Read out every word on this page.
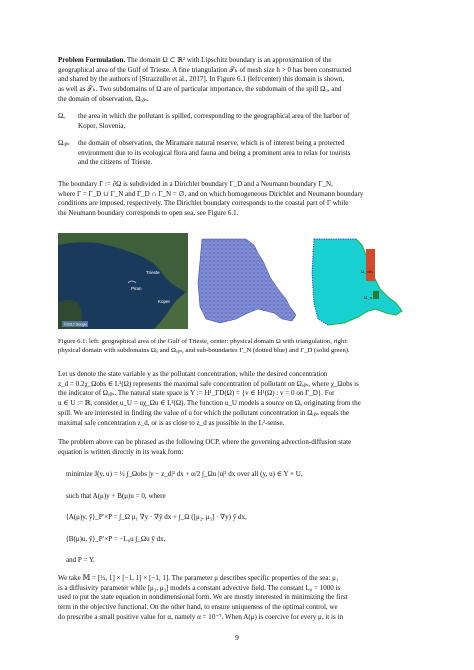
Problem Formulation. The domain Ω ⊂ ℝ² with Lipschitz boundary is an approximation of the
geographical area of the Gulf of Trieste. A fine triangulation 𝒯ₕ of mesh size h > 0 has been constructed
and shared by the authors of [Strazzullo et al., 2017]. In Figure 6.1 (left/center) this domain is shown,
as well as 𝒯ₕ. Two subdomains of Ω are of particular importance, the subdomain of the spill Ωᵤ, and
the domain of observation, Ωₒᵦₛ.
Ωᵤ the area in which the pollutant is spilled, corresponding to the geographical area of the harbor of
Koper, Slovenia,
Ωₒᵦₛ the domain of observation, the Miramare natural reserve, which is of interest being a protected
environment due to its ecological flora and fauna and being a prominent area to relax for tourists
and the citizens of Trieste.
The boundary Γ := ∂Ω is subdivided in a Dirichlet boundary Γ_D and a Neumann boundary Γ_N,
where Γ = Γ_D ∪ Γ_N and Γ_D ∩ Γ_N = ∅, and on which homogeneous Dirichlet and Neumann boundary
conditions are imposed, respectively. The Dirichlet boundary corresponds to the coastal part of Γ while
the Neumann boundary corresponds to open sea, see Figure 6.1.
Piran
Trieste
Koper
©2017 Google
Ω_obs
Ω_u
Figure 6.1: left: geographical area of the Gulf of Trieste, center: physical domain Ω with triangulation, right:
physical domain with subdomains Ωᵤ and Ωₒᵦₛ, and sub-boundaries Γ_N (dotted blue) and Γ_D (solid green).
Let us denote the state variable y as the pollutant concentration, while the desired concentration
z_d = 0.2χ_Ωobs ∈ L²(Ω) represents the maximal safe concentration of pollutant on Ωₒᵦₛ, where χ_Ωobs is
the indicator of Ωₒᵦₛ. The natural state space is Y := H¹_ΓD(Ω) = {v ∈ H¹(Ω) : v = 0 on Γ_D}. For
u ∈ U := ℝ, consider u_U = uχ_Ωu ∈ L²(Ω). The function u_U models a source on Ωᵤ originating from the
spill. We are interested in finding the value of u for which the pollutant concentration in Ωₒᵦₛ equals the
maximal safe concentration z_d, or is as close to z_d as possible in the L²-sense.
The problem above can be phrased as the following OCP, where the governing advection-diffusion state
equation is written directly in its weak form:
minimize J(y, u) = ½ ∫_Ωobs |y − z_d|² dx + α/2 ∫_Ωu |u|² dx over all (y, u) ∈ Y × U,
such that A(μ)y + B(μ)u = 0, where
⟨A(μ)y, ỹ⟩_P′×P = ∫_Ω μ₁ ∇y · ∇ỹ dx + ∫_Ω ([μ₂, μ₃] · ∇y) ỹ dx,
⟨B(μ)u, ỹ⟩_P′×P = −L₀u ∫_Ωu ỹ dx,
and P = Y.
We take 𝕄 = [½, 1] × [−1, 1] × [−1, 1]. The parameter μ describes specific properties of the sea: μ₁
is a diffusivity parameter while [μ₂, μ₃] models a constant advective field. The constant L₀ = 1000 is
used to put the state equation in nondimensional form. We are mostly interested in minimizing the first
term in the objective functional. On the other hand, to ensure uniqueness of the optimal control, we
do prescribe a small positive value for α, namely α = 10⁻⁷. When A(μ) is coercive for every μ, it is in
9
